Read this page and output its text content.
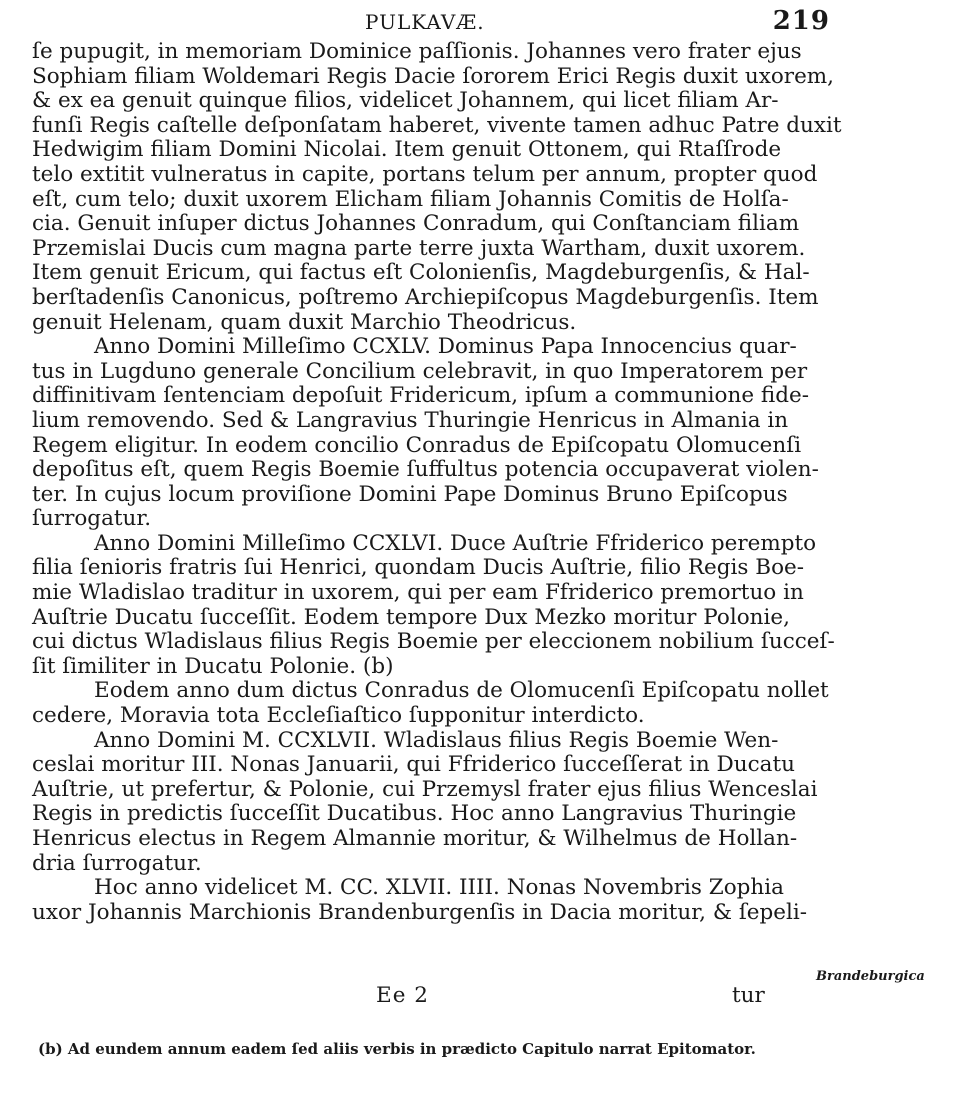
PULKAVÆ.	219
ſe pupugit, in memoriam Dominice paſſionis. Johannes vero frater ejus
Sophiam filiam Woldemari Regis Dacie ſororem Erici Regis duxit uxorem,
& ex ea genuit quinque filios, videlicet Johannem, qui licet filiam Ar-
funſi Regis caſtelle deſponſatam haberet, vivente tamen adhuc Patre duxit
Hedwigim filiam Domini Nicolai. Item genuit Ottonem, qui Rtaſſrode
telo extitit vulneratus in capite, portans telum per annum, propter quod
eſt, cum telo; duxit uxorem Elicham filiam Johannis Comitis de Holſa-
cia. Genuit inſuper dictus Johannes Conradum, qui Conſtanciam filiam
Przemislai Ducis cum magna parte terre juxta Wartham, duxit uxorem.
Item genuit Ericum, qui factus eſt Colonienſis, Magdeburgenſis, & Hal-
berſtadenſis Canonicus, poſtremo Archiepiſcopus Magdeburgenſis. Item
genuit Helenam, quam duxit Marchio Theodricus.
Anno Domini Milleſimo CCXLV. Dominus Papa Innocencius quar-
tus in Lugduno generale Concilium celebravit, in quo Imperatorem per
diffinitivam ſentenciam depoſuit Fridericum, ipſum a communione fide-
lium removendo. Sed & Langravius Thuringie Henricus in Almania in
Regem eligitur. In eodem concilio Conradus de Epiſcopatu Olomucenſi
depoſitus eſt, quem Regis Boemie ſuffultus potencia occupaverat violen-
ter. In cujus locum proviſione Domini Pape Dominus Bruno Epiſcopus
ſurrogatur.
Anno Domini Milleſimo CCXLVI. Duce Auſtrie Ffriderico perempto
filia ſenioris fratris ſui Henrici, quondam Ducis Auſtrie, filio Regis Boe-
mie Wladislao traditur in uxorem, qui per eam Ffriderico premortuo in
Auſtrie Ducatu ſucceſſit. Eodem tempore Dux Mezko moritur Polonie,
cui dictus Wladislaus filius Regis Boemie per eleccionem nobilium ſucceſ-
ſit ſimiliter in Ducatu Polonie. (b)
Eodem anno dum dictus Conradus de Olomucenſi Epiſcopatu nollet
cedere, Moravia tota Eccleſiaſtico ſupponitur interdicto.
Anno Domini M. CCXLVII. Wladislaus filius Regis Boemie Wen-
ceslai moritur III. Nonas Januarii, qui Ffriderico ſucceſſerat in Ducatu
Auſtrie, ut prefertur, & Polonie, cui Przemysl frater ejus filius Wenceslai
Regis in predictis ſucceſſit Ducatibus. Hoc anno Langravius Thuringie
Henricus electus in Regem Almannie moritur, & Wilhelmus de Hollan-
dria ſurrogatur.
Hoc anno videlicet M. CC. XLVII. IIII. Nonas Novembris Zophia
uxor Johannis Marchionis Brandenburgenſis in Dacia moritur, & ſepeli-
Brandeburgica
Ee 2	tur
(b) Ad eundem annum eadem ſed aliis verbis in prædicto Capitulo narrat Epitomator.
